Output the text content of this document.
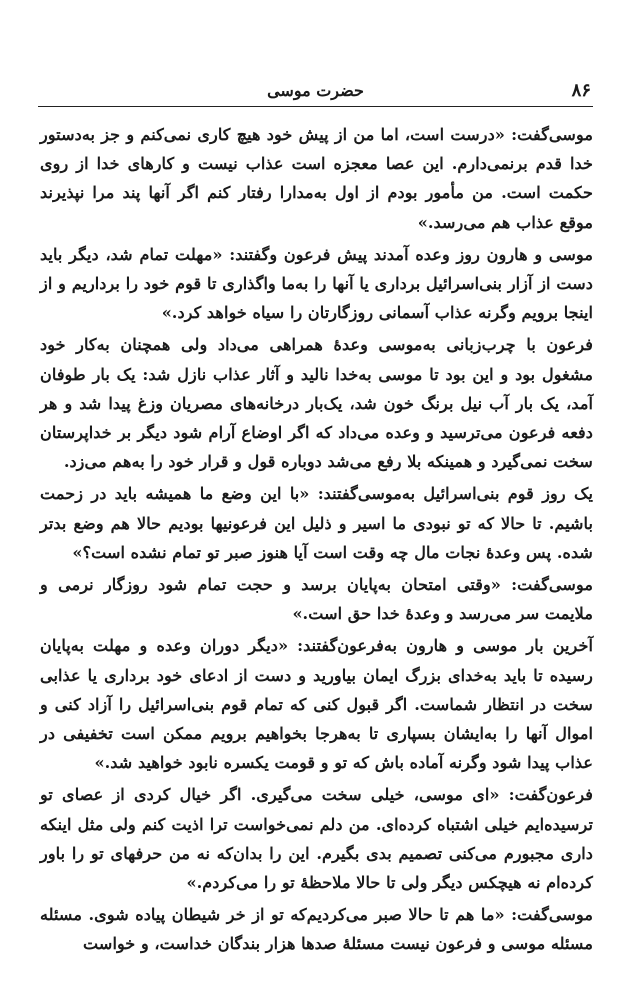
۸۶
حضرت موسی

موسی‌گفت: «درست است، اما من از پیش خود هیچ کاری نمی‌کنم و جز به‌دستور خدا قدم برنمی‌دارم. این عصا معجزه است عذاب نیست و کارهای خدا از روی حکمت است. من مأمور بودم از اول به‌مدارا رفتار کنم اگر آنها پند مرا نپذیرند موقع عذاب هم می‌رسد.»

موسی و هارون روز وعده آمدند پیش فرعون وگفتند: «مهلت تمام شد، دیگر باید دست از آزار بنی‌اسرائیل برداری یا آنها را به‌ما واگذاری تا قوم خود را برداریم و از اینجا برویم وگرنه عذاب آسمانی روزگارتان را سیاه خواهد کرد.»

فرعون با چرب‌زبانی به‌موسی وعدهٔ همراهی می‌داد ولی همچنان به‌کار خود مشغول بود و این بود تا موسی به‌خدا نالید و آثار عذاب نازل شد: یک بار طوفان آمد، یک بار آب نیل برنگ خون شد، یک‌بار درخانه‌های مصریان وزغ پیدا شد و هر دفعه فرعون می‌ترسید و وعده می‌داد که اگر اوضاع آرام شود دیگر بر خداپرستان سخت نمی‌گیرد و همینکه بلا رفع می‌شد دوباره قول و قرار خود را به‌هم می‌زد.

یک روز قوم بنی‌اسرائیل به‌موسی‌گفتند: «با این وضع ما همیشه باید در زحمت باشیم. تا حالا که تو نبودی ما اسیر و ذلیل این فرعونیها بودیم حالا هم وضع بدتر شده. پس وعدهٔ نجات مال چه وقت است آیا هنوز صبر تو تمام نشده است؟»

موسی‌گفت: «وقتی امتحان به‌پایان برسد و حجت تمام شود روزگار نرمی و ملایمت سر می‌رسد و وعدهٔ خدا حق است.»

آخرین بار موسی و هارون به‌فرعون‌گفتند: «دیگر دوران وعده و مهلت به‌پایان رسیده تا باید به‌خدای بزرگ ایمان بیاورید و دست از ادعای خود برداری یا عذابی سخت در انتظار شماست. اگر قبول کنی که تمام قوم بنی‌اسرائیل را آزاد کنی و اموال آنها را به‌ایشان بسپاری تا به‌هرجا بخواهیم برویم ممکن است تخفیفی در عذاب پیدا شود وگرنه آماده باش که تو و قومت یکسره نابود خواهید شد.»

فرعون‌گفت: «ای موسی، خیلی سخت می‌گیری. اگر خیال کردی از عصای تو ترسیده‌ایم خیلی اشتباه کرده‌ای. من دلم نمی‌خواست ترا اذیت کنم ولی مثل اینکه داری مجبورم می‌کنی تصمیم بدی بگیرم. این را بدان‌که نه من حرفهای تو را باور کرده‌ام نه هیچکس دیگر ولی تا حالا ملاحظهٔ تو را می‌کردم.»

موسی‌گفت: «ما هم تا حالا صبر می‌کردیم‌که تو از خر شیطان پیاده شوی. مسئله مسئله موسی و فرعون نیست مسئلهٔ صدها هزار بندگان خداست، و خواست
